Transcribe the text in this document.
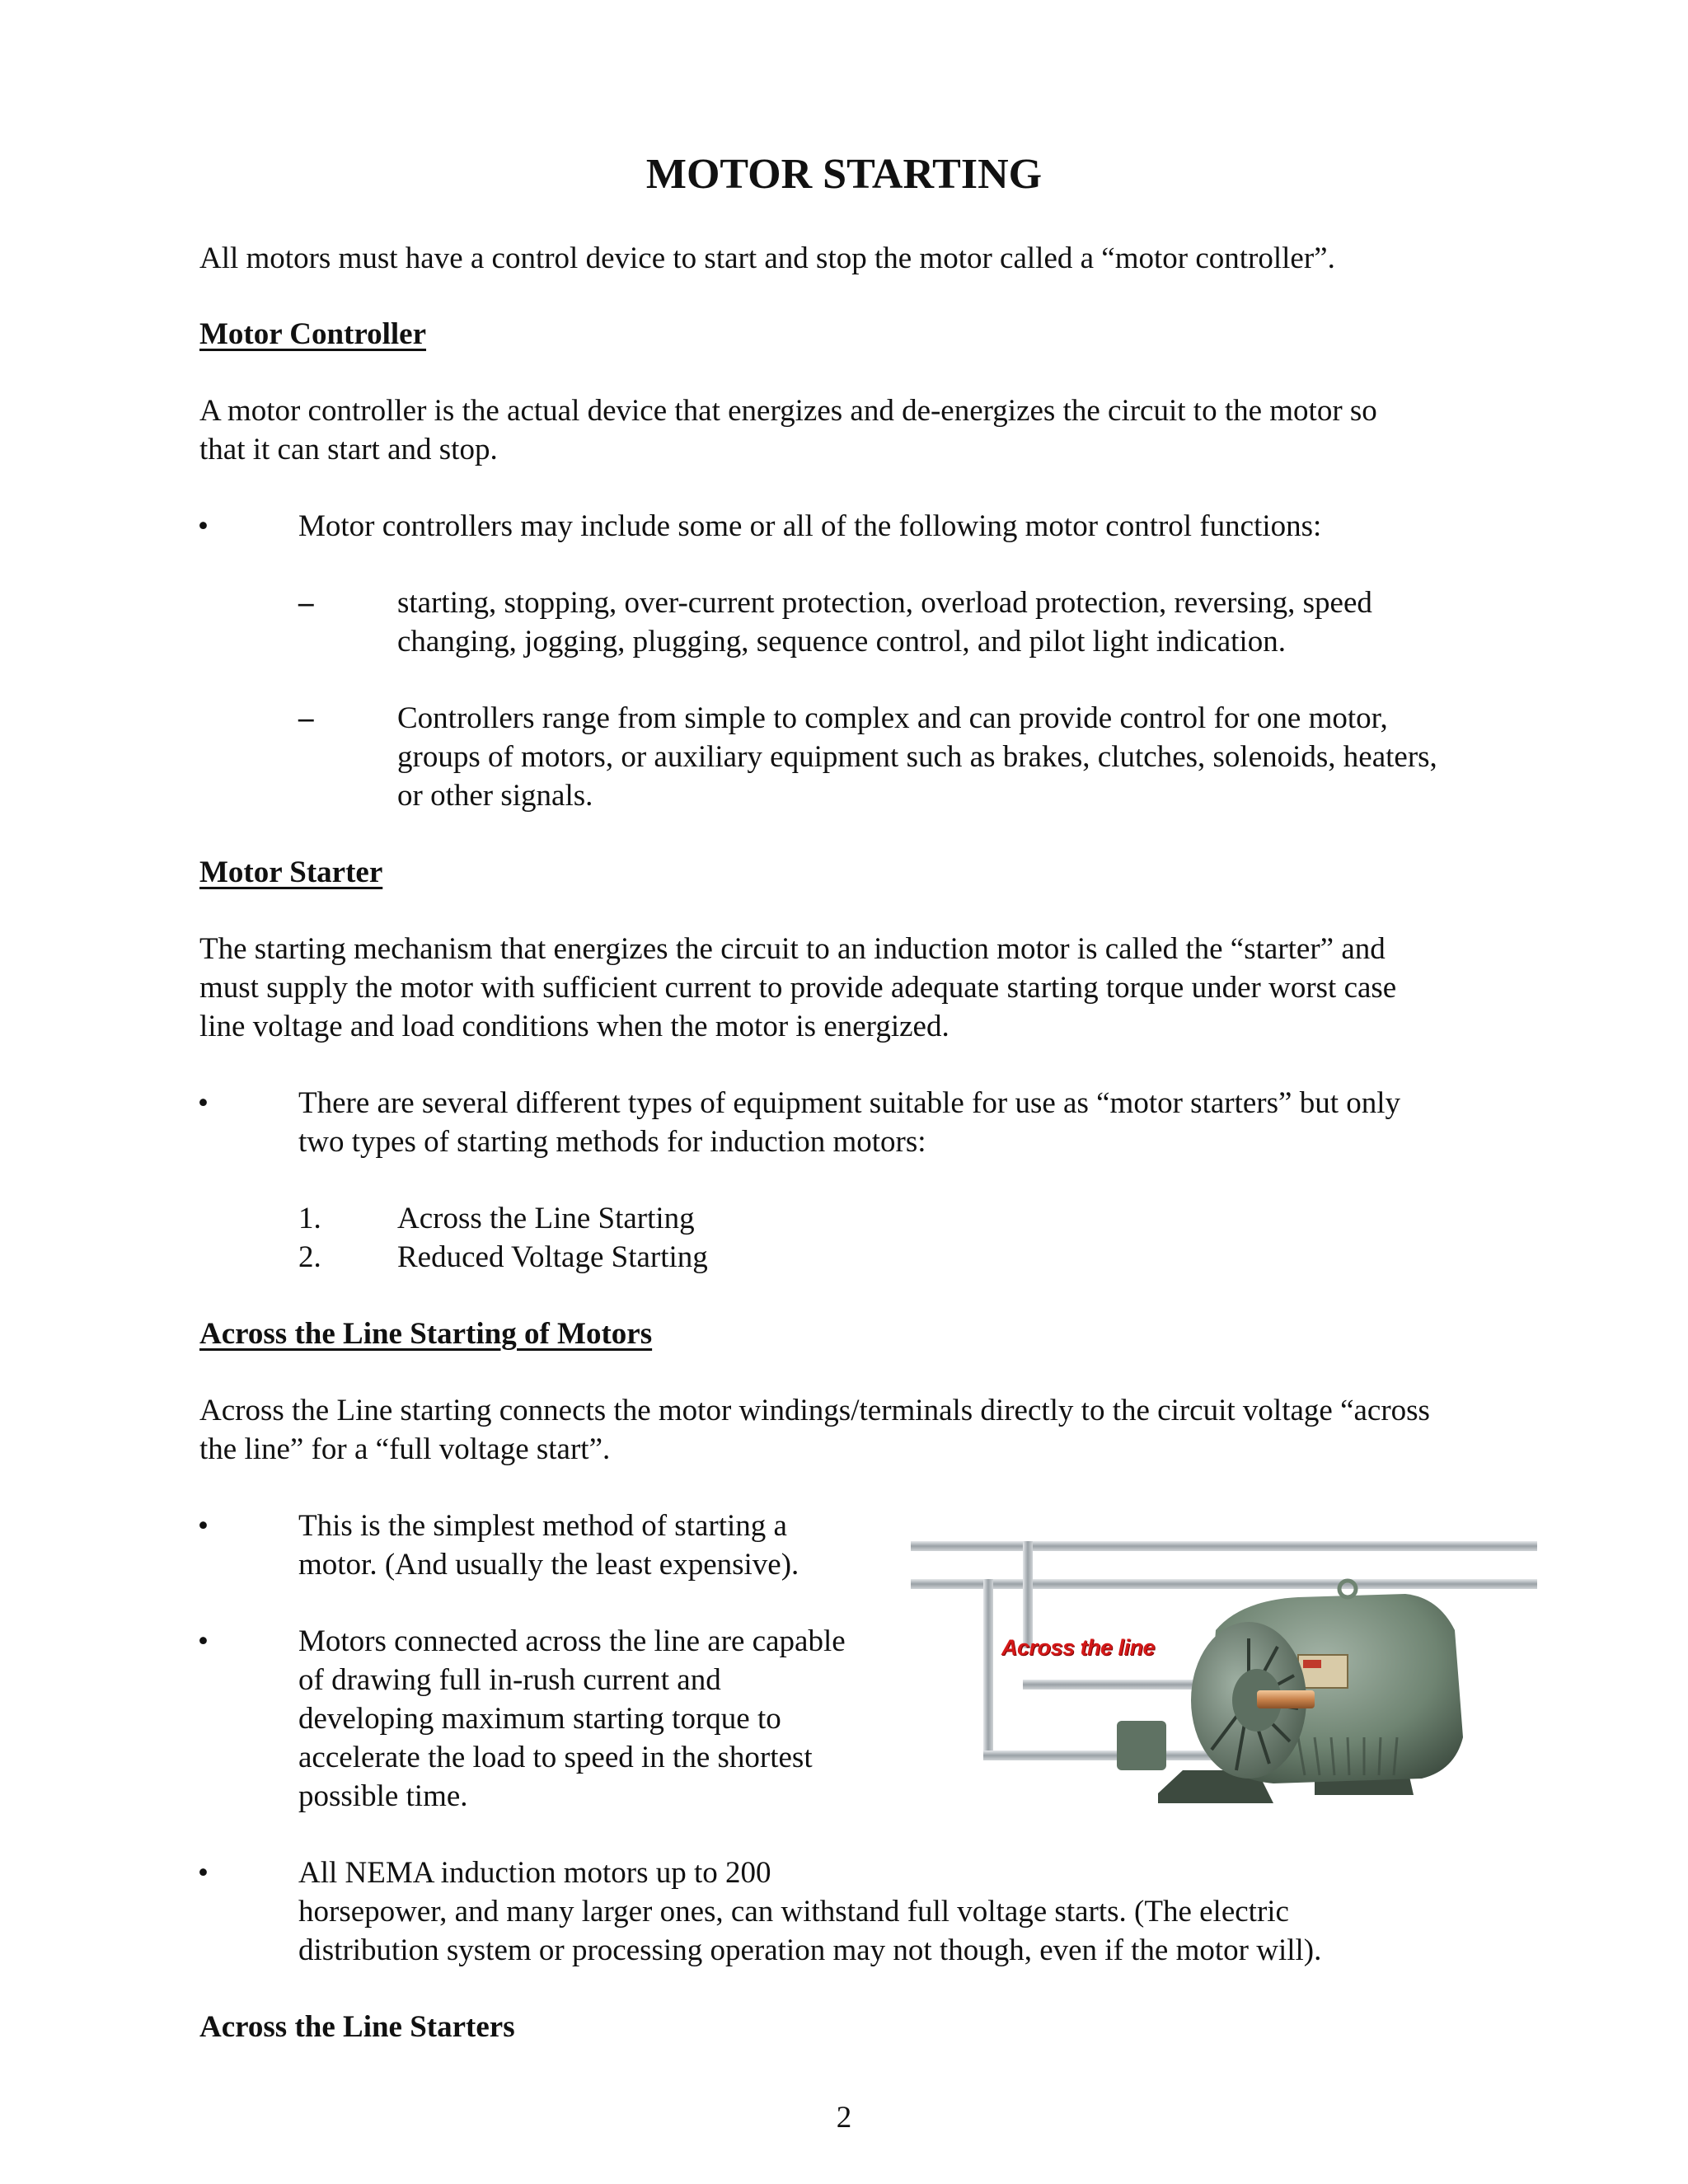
MOTOR STARTING

All motors must have a control device to start and stop the motor called a “motor controller”.

Motor Controller

A motor controller is the actual device that energizes and de-energizes the circuit to the motor so

that it can start and stop.

•	Motor controllers may include some or all of the following motor control functions:

–	starting, stopping, over-current protection, overload protection, reversing, speed

changing, jogging, plugging, sequence control, and pilot light indication.

–	Controllers range from simple to complex and can provide control for one motor,

groups of motors, or auxiliary equipment such as brakes, clutches, solenoids, heaters,

or other signals.

Motor Starter

The starting mechanism that energizes the circuit to an induction motor is called the “starter” and

must supply the motor with sufficient current to provide adequate starting torque under worst case

line voltage and load conditions when the motor is energized.

•	There are several different types of equipment suitable for use as “motor starters” but only

two types of starting methods for induction motors:

1. Across the Line Starting
2. Reduced Voltage Starting

Across the Line Starting of Motors

Across the Line starting connects the motor windings/terminals directly to the circuit voltage “across

the line” for a “full voltage start”.

•	This is the simplest method of starting a

motor. (And usually the least expensive).

•	Motors connected across the line are capable

of drawing full in-rush current and

developing maximum starting torque to

accelerate the load to speed in the shortest

possible time.

•	All NEMA induction motors up to 200

horsepower, and many larger ones, can withstand full voltage starts. (The electric

distribution system or processing operation may not though, even if the motor will).

Across the Line Starters

2
Across the line
